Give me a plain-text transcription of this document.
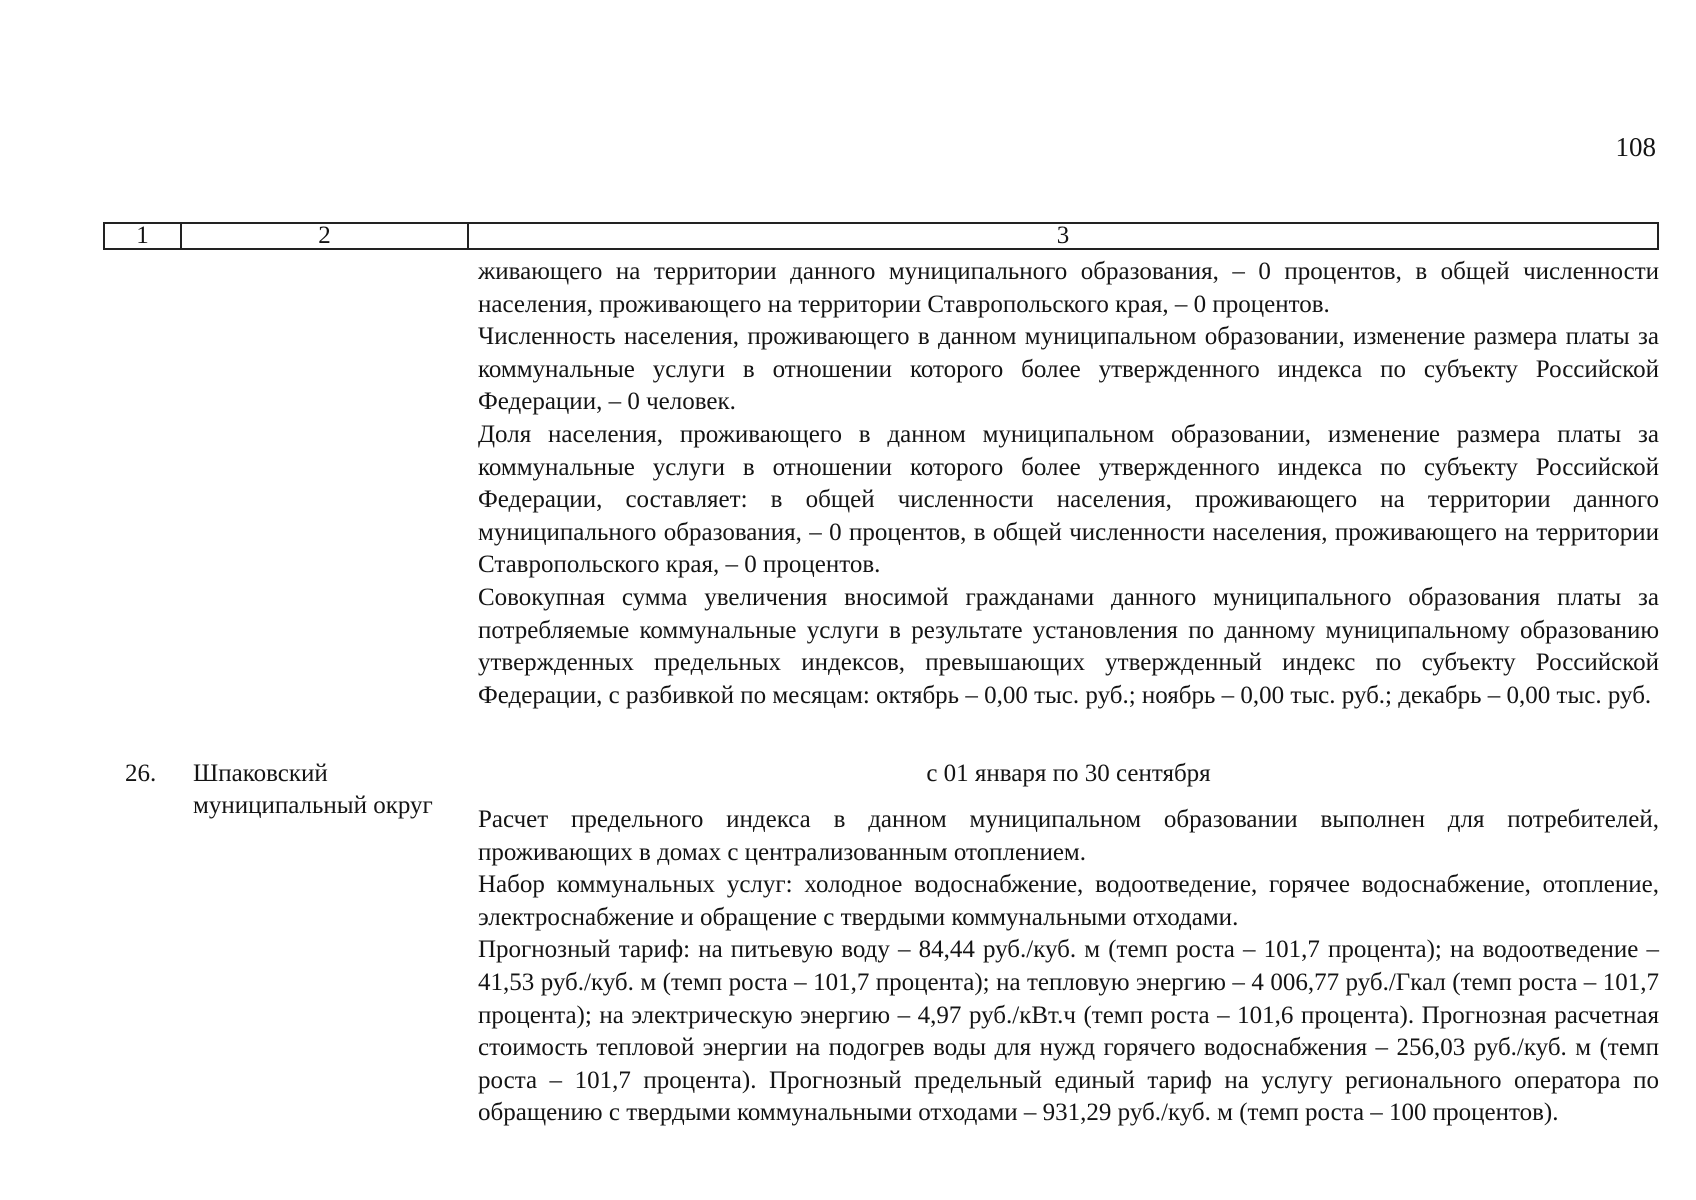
108
1	2	3

живающего на территории данного муниципального образования, – 0 процентов, в общей численности населения, проживающего на территории Ставропольского края, – 0 процентов.

Численность населения, проживающего в данном муниципальном образовании, изменение размера платы за коммунальные услуги в отношении которого более утвержденного индекса по субъекту Российской Федерации, – 0 человек.

Доля населения, проживающего в данном муниципальном образовании, изменение размера платы за коммунальные услуги в отношении которого более утвержденного индекса по субъекту Российской Федерации, составляет: в общей численности населения, проживающего на территории данного муниципального образования, – 0 процентов, в общей численности населения, проживающего на территории Ставропольского края, – 0 процентов.

Совокупная сумма увеличения вносимой гражданами данного муниципального образования платы за потребляемые коммунальные услуги в результате установления по данному муниципальному образованию утвержденных предельных индексов, превышающих утвержденный индекс по субъекту Российской Федерации, с разбивкой по месяцам: октябрь – 0,00 тыс. руб.; ноябрь – 0,00 тыс. руб.; декабрь – 0,00 тыс. руб.

26. Шпаковский муниципальный округ
с 01 января по 30 сентября

Расчет предельного индекса в данном муниципальном образовании выполнен для потребителей, проживающих в домах с централизованным отоплением.

Набор коммунальных услуг: холодное водоснабжение, водоотведение, горячее водоснабжение, отопление, электроснабжение и обращение с твердыми коммунальными отходами.

Прогнозный тариф: на питьевую воду – 84,44 руб./куб. м (темп роста – 101,7 процента); на водоотведение – 41,53 руб./куб. м (темп роста – 101,7 процента); на тепловую энергию – 4 006,77 руб./Гкал (темп роста – 101,7 процента); на электрическую энергию – 4,97 руб./кВт.ч (темп роста – 101,6 процента). Прогнозная расчетная стоимость тепловой энергии на подогрев воды для нужд горячего водоснабжения – 256,03 руб./куб. м (темп роста – 101,7 процента). Прогнозный предельный единый тариф на услугу регионального оператора по обращению с твердыми коммунальными отходами – 931,29 руб./куб. м (темп роста – 100 процентов).
